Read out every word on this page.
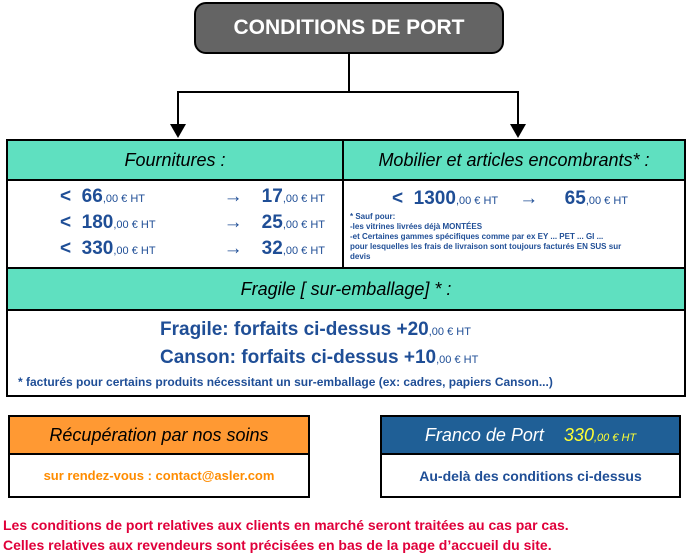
CONDITIONS DE PORT
Fournitures :	Mobilier et articles encombrants* :
< 66,00 € HT	→ 17,00 € HT
< 180,00 € HT	→ 25,00 € HT
< 330,00 € HT	→ 32,00 € HT
< 1300,00 € HT → 65,00 € HT
* Sauf pour:
-les vitrines livrées déjà MONTÉES
-et Certaines gammes spécifiques comme par ex EY ... PET ... GI ...
pour lesquelles les frais de livraison sont toujours facturés EN SUS sur
devis
Fragile [ sur-emballage] * :
Fragile: forfaits ci-dessus +20,00 € HT
Canson: forfaits ci-dessus +10,00 € HT
* facturés pour certains produits nécessitant un sur-emballage (ex: cadres, papiers Canson...)
Récupération par nos soins
sur rendez-vous : contact@asler.com
Franco de Port
330,00 € HT
Au-delà des conditions ci-dessus
Les conditions de port relatives aux clients en marché seront traitées au cas par cas.
Celles relatives aux revendeurs sont précisées en bas de la page d’accueil du site.
